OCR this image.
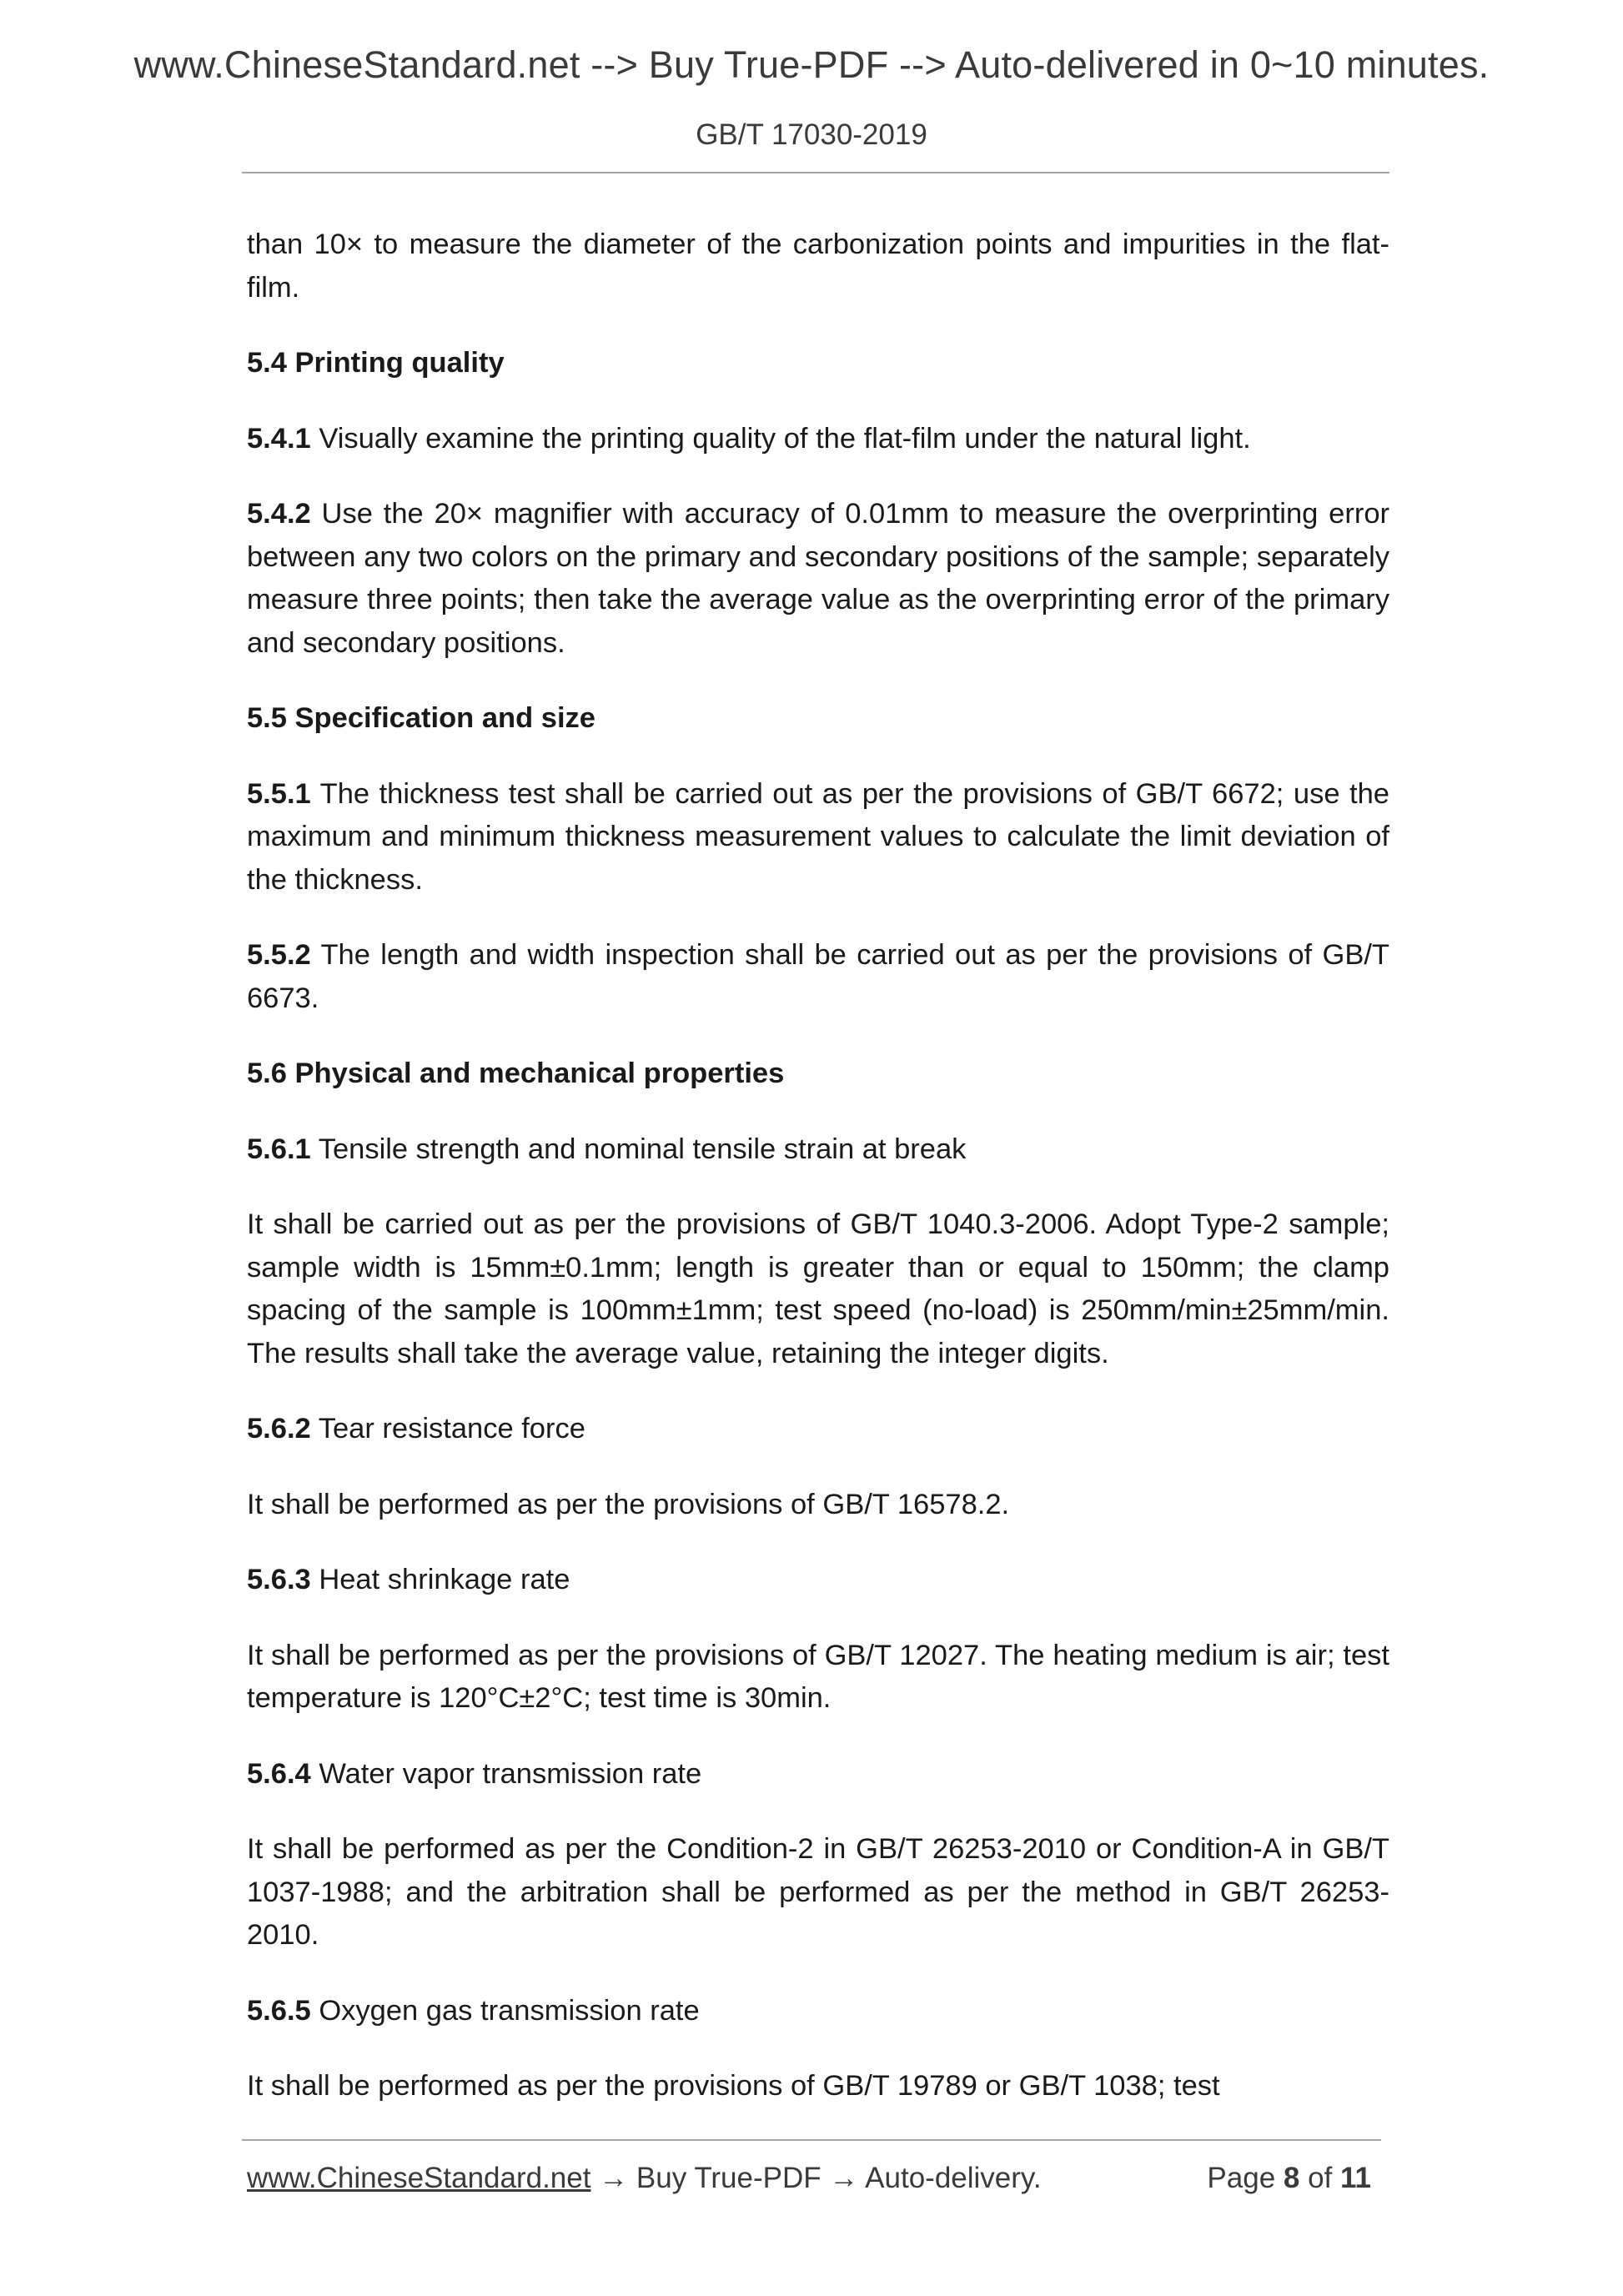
www.ChineseStandard.net --> Buy True-PDF --> Auto-delivered in 0~10 minutes.
GB/T 17030-2019

than 10× to measure the diameter of the carbonization points and impurities in the flat-film.

5.4 Printing quality

5.4.1 Visually examine the printing quality of the flat-film under the natural light.

5.4.2 Use the 20× magnifier with accuracy of 0.01mm to measure the overprinting error between any two colors on the primary and secondary positions of the sample; separately measure three points; then take the average value as the overprinting error of the primary and secondary positions.

5.5 Specification and size

5.5.1 The thickness test shall be carried out as per the provisions of GB/T 6672; use the maximum and minimum thickness measurement values to calculate the limit deviation of the thickness.

5.5.2 The length and width inspection shall be carried out as per the provisions of GB/T 6673.

5.6 Physical and mechanical properties

5.6.1 Tensile strength and nominal tensile strain at break

It shall be carried out as per the provisions of GB/T 1040.3-2006. Adopt Type-2 sample; sample width is 15mm±0.1mm; length is greater than or equal to 150mm; the clamp spacing of the sample is 100mm±1mm; test speed (no-load) is 250mm/min±25mm/min. The results shall take the average value, retaining the integer digits.

5.6.2 Tear resistance force

It shall be performed as per the provisions of GB/T 16578.2.

5.6.3 Heat shrinkage rate

It shall be performed as per the provisions of GB/T 12027. The heating medium is air; test temperature is 120°C±2°C; test time is 30min.

5.6.4 Water vapor transmission rate

It shall be performed as per the Condition-2 in GB/T 26253-2010 or Condition-A in GB/T 1037-1988; and the arbitration shall be performed as per the method in GB/T 26253-2010.

5.6.5 Oxygen gas transmission rate

It shall be performed as per the provisions of GB/T 19789 or GB/T 1038; test

www.ChineseStandard.net → Buy True-PDF → Auto-delivery.	Page 8 of 11
